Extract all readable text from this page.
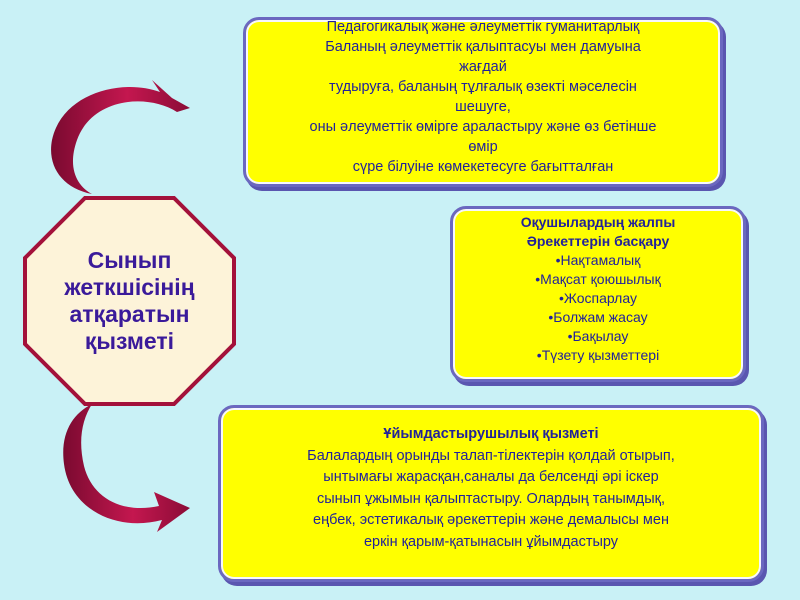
Сынып
жеткшісінің
атқаратын
қызметі
Педагогикалық және әлеуметтік гуманитарлық
Баланың әлеуметтік қалыптасуы мен дамуына
жағдай
тудыруға, баланың тұлғалық өзекті мәселесін
шешуге,
оны әлеуметтік өмірге араластыру және өз бетінше
өмір
сүре білуіне көмекетесуге бағытталған
Оқушылардың жалпы
Әрекеттерін басқару
•Нақтамалық
•Мақсат қоюшылық
•Жоспарлау
•Болжам жасау
•Бақылау
•Түзету қызметтері
Ұйымдастырушылық қызметі
Балалардың орынды талап-тілектерін қолдай отырып,
ынтымағы жарасқан,саналы да белсенді әрі іскер
сынып ұжымын қалыптастыру. Олардың танымдық,
еңбек, эстетикалық әрекеттерін және демалысы мен
еркін қарым-қатынасын ұйымдастыру
